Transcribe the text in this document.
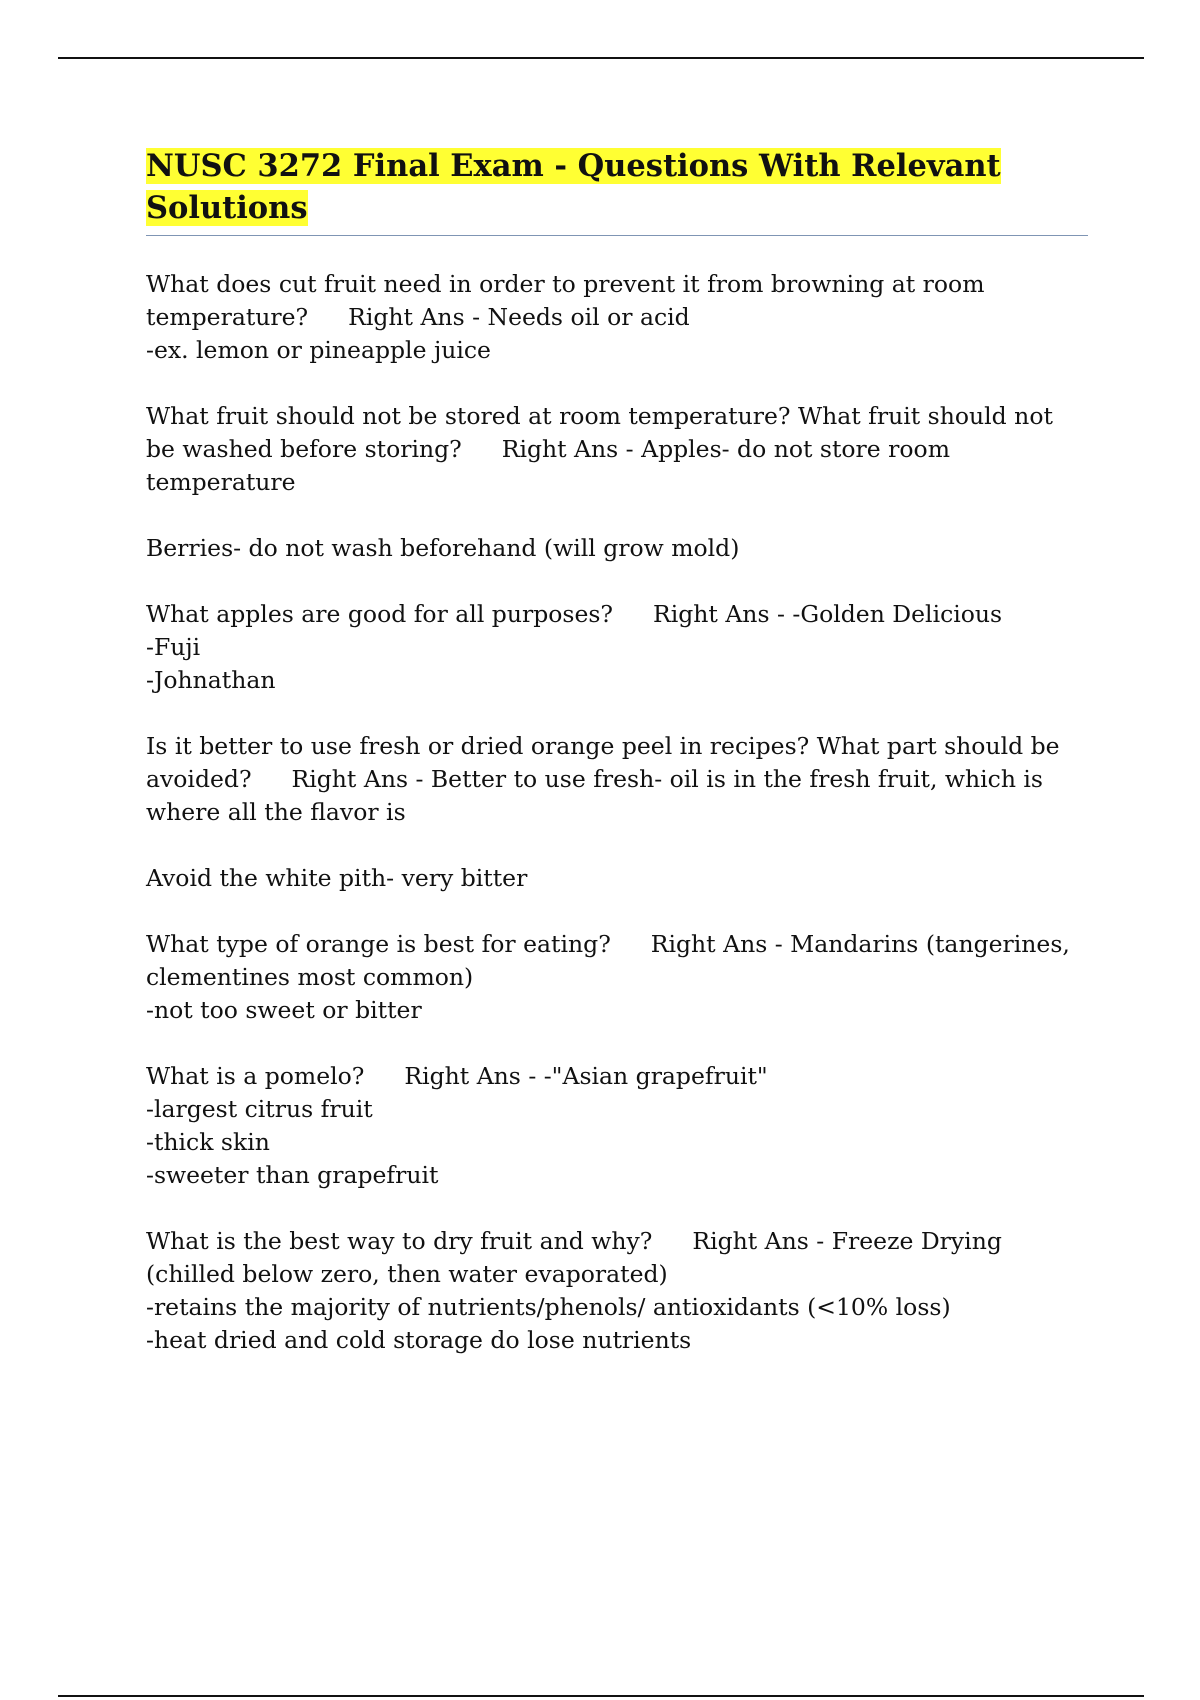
NUSC 3272 Final Exam - Questions With Relevant
Solutions

What does cut fruit need in order to prevent it from browning at room

temperature? Right Ans - Needs oil or acid

-ex. lemon or pineapple juice

What fruit should not be stored at room temperature? What fruit should not

be washed before storing? Right Ans - Apples- do not store room

temperature

Berries- do not wash beforehand (will grow mold)

What apples are good for all purposes? Right Ans - -Golden Delicious

-Fuji

-Johnathan

Is it better to use fresh or dried orange peel in recipes? What part should be

avoided? Right Ans - Better to use fresh- oil is in the fresh fruit, which is

where all the flavor is

Avoid the white pith- very bitter

What type of orange is best for eating? Right Ans - Mandarins (tangerines,

clementines most common)

-not too sweet or bitter

What is a pomelo? Right Ans - -"Asian grapefruit"

-largest citrus fruit

-thick skin

-sweeter than grapefruit

What is the best way to dry fruit and why? Right Ans - Freeze Drying

(chilled below zero, then water evaporated)

-retains the majority of nutrients/phenols/ antioxidants (<10% loss)

-heat dried and cold storage do lose nutrients
